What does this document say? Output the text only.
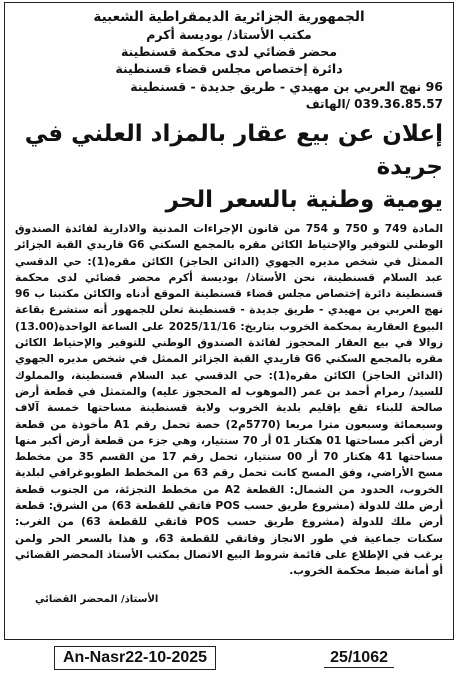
الجمهورية الجزائرية الديمقراطية الشعبية
مكتب الأستاذ/ بوديسة أكرم
محضر قضائي لدى محكمة قسنطينة
دائرة إختصاص مجلس قضاء قسنطينة
96 نهج العربي بن مهيدي - طريق جديدة - قسنطينة
الهاتف/ 039.36.85.57
إعلان عن بيع عقار بالمزاد العلني في جريدة
يومية وطنية بالسعر الحر

المادة 749 و 750 و 754 من قانون الإجراءات المدنية والادارية لفائدة الصندوق الوطني للتوفير والإحتياط الكائن مقره بالمجمع السكني G6 قاريدي القبة الجزائر الممثل في شخص مديره الجهوي (الدائن الحاجز) الكائن مقره(1): حي الدقسي عبد السلام قسنطينة، نحن الأستاذ/ بوديسة أكرم محضر قضائي لدى محكمة قسنطينة دائرة إختصاص مجلس قضاء قسنطينة الموقع أدناه والكائن مكتبنا ب 96 نهج العربي بن مهيدي - طريق جديدة - قسنطينة تعلن للجمهور أنه ستشرع بقاعة البيوع العقارية بمحكمة الخروب بتاريخ: 2025/11/16 على الساعة الواحدة(13.00) زوالا في بيع العقار المحجوز لفائدة الصندوق الوطني للتوفير والإحتياط الكائن مقره بالمجمع السكني G6 قاريدي القبة الجزائر الممثل في شخص مديره الجهوي (الدائن الحاجز) الكائن مقره(1): حي الدقسي عبد السلام قسنطينة، والمملوك للسيد/ رمرام أحمد بن عمر (الموهوب له المحجوز عليه) والمتمثل في قطعة أرض صالحة للبناء تقع بإقليم بلدية الخروب ولاية قسنطينة مساحتها خمسة آلاف وسبعمائة وسبعون مترا مربعا (5770م2) حصة تحمل رقم A1 مأخوذة من قطعة أرض أكبر مساحتها 01 هكتار 01 أر 70 سنتيار، وهي جزء من قطعة أرض أكبر منها مساحتها 41 هكتار 70 أر 00 سنتيار، تحمل رقم 17 من القسم 35 من مخطط مسح الأراضي، وفق المسح كانت تحمل رقم 63 من المخطط الطوبوغرافي لبلدية الخروب، الحدود من الشمال: القطعة A2 من مخطط التجزئة، من الجنوب قطعة أرض ملك للدولة (مشروع طريق حسب POS فاتقي للقطعة 63) من الشرق: قطعة أرض ملك للدولة (مشروع طريق حسب POS فاتقي للقطعة 63) من الغرب: سكنات جماعية في طور الانجاز وفاتقي للقطعة 63، و هذا بالسعر الحر ولمن يرغب في الإطلاع على قائمة شروط البيع الاتصال بمكتب الأستاذ المحضر القضائي أو أمانة ضبط محكمة الخروب.

الأستاذ/ المحضر القضائي
An-Nasr22-10-2025	25/1062
